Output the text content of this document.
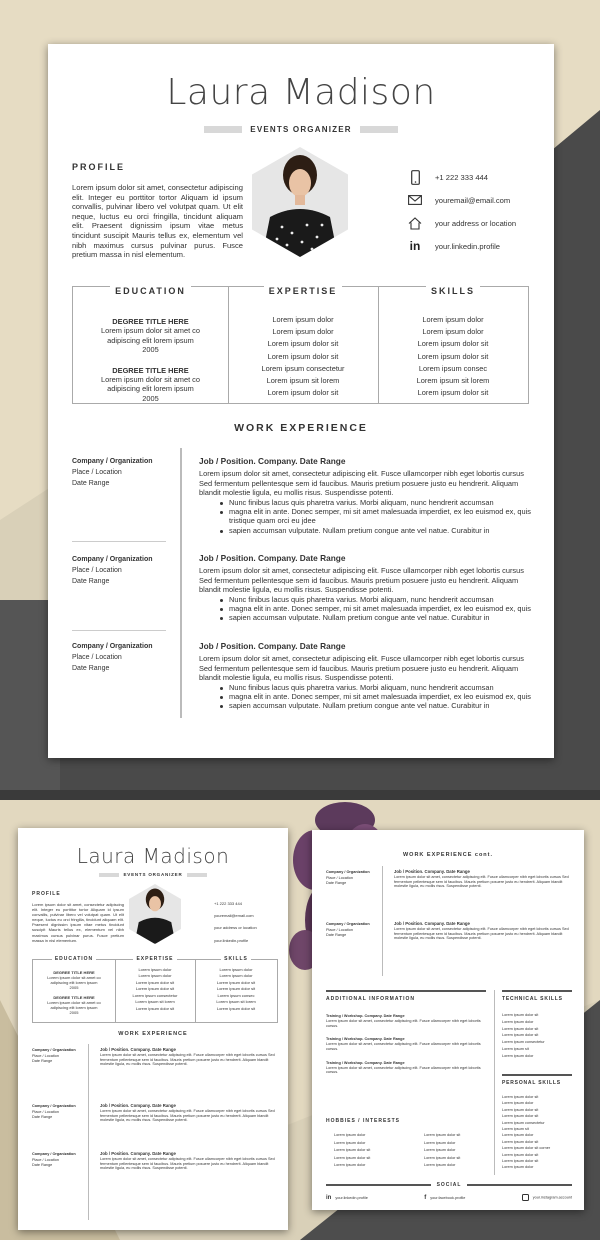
Laura Madison
EVENTS ORGANIZER
PROFILE
Lorem ipsum dolor sit amet, consectetur adipiscing elit. Integer eu porttitor tortor Aliquam id ipsum convallis, pulvinar libero vel volutpat quam. Ut elit neque, luctus eu orci fringilla, tincidunt aliquam elit. Praesent dignissim ipsum vitae metus tincidunt suscipit Mauris tellus ex, elementum vel nibh maximus cursus pulvinar purus. Fusce pretium massa in nisl elementum.
+1 222 333 444
youremail@email.com
your address or location
in your.linkedin.profile
EDUCATION
DEGREE TITLE HERE
Lorem ipsum dolor sit amet co
adipiscing elit lorem ipsum
2005
DEGREE TITLE HERE
Lorem ipsum dolor sit amet co
adipiscing elit lorem ipsum
2005
EXPERTISE
Lorem ipsum dolor
Lorem ipsum dolor
Lorem ipsum dolor sit
Lorem ipsum dolor sit
Lorem ipsum consectetur
Lorem ipsum sit lorem
Lorem ipsum dolor sit
SKILLS
Lorem ipsum dolor
Lorem ipsum dolor
Lorem ipsum dolor sit
Lorem ipsum dolor sit
Lorem ipsum consec
Lorem ipsum sit lorem
Lorem ipsum dolor sit
WORK EXPERIENCE
Company / Organization
Place / Location
Date Range
Job / Position. Company. Date Range
Lorem ipsum dolor sit amet, consectetur adipiscing elit. Fusce ullamcorper nibh eget lobortis cursus Sed fermentum pellentesque sem id faucibus. Mauris pretium posuere justo eu hendrerit. Aliquam blandit molestie ligula, eu mollis risus. Suspendisse potenti.
Nunc finibus lacus quis pharetra varius. Morbi aliquam, nunc hendrerit accumsan
magna elit in ante. Donec semper, mi sit amet malesuada imperdiet, ex leo euismod ex, quis tristique quam orci eu jdee
sapien accumsan vulputate. Nullam pretium congue ante vel natue. Curabitur in
Company / Organization
Place / Location
Date Range
Job / Position. Company. Date Range
Lorem ipsum dolor sit amet, consectetur adipiscing elit. Fusce ullamcorper nibh eget lobortis cursus Sed fermentum pellentesque sem id faucibus. Mauris pretium posuere justo eu hendrerit. Aliquam blandit molestie ligula, eu mollis risus. Suspendisse potenti.
Nunc finibus lacus quis pharetra varius. Morbi aliquam, nunc hendrerit accumsan
magna elit in ante. Donec semper, mi sit amet malesuada imperdiet, ex leo euismod ex, quis
sapien accumsan vulputate. Nullam pretium congue ante vel natue. Curabitur in
Company / Organization
Place / Location
Date Range
Job / Position. Company. Date Range
Lorem ipsum dolor sit amet, consectetur adipiscing elit. Fusce ullamcorper nibh eget lobortis cursus Sed fermentum pellentesque sem id faucibus. Mauris pretium posuere justo eu hendrerit. Aliquam blandit molestie ligula, eu mollis risus. Suspendisse potenti.
Nunc finibus lacus quis pharetra varius. Morbi aliquam, nunc hendrerit accumsan
magna elit in ante. Donec semper, mi sit amet malesuada imperdiet, ex leo euismod ex, quis
sapien accumsan vulputate. Nullam pretium congue ante vel natue. Curabitur in
Laura Madison
EVENTS ORGANIZER
PROFILE
Lorem ipsum dolor sit amet, consectetur adipiscing elit. Integer eu porttitor tortor Aliquam id ipsum convallis, pulvinar libero vel volutpat quam. Ut elit neque, luctus eu orci fringilla, tincidunt aliquam elit. Praesent dignissim ipsum vitae metus tincidunt suscipit Mauris tellus ex, elementum vel nibh maximus cursus pulvinar purus. Fusce pretium massa in nisl elementum.
+1 222 333 444
youremail@email.com
your address or location
your.linkedin.profile
EDUCATION
DEGREE TITLE HERE
Lorem ipsum dolor sit amet co
adipiscing elit lorem ipsum
2005
DEGREE TITLE HERE
Lorem ipsum dolor sit amet co
adipiscing elit lorem ipsum
2005
EXPERTISE
Lorem ipsum dolor
Lorem ipsum dolor
Lorem ipsum dolor sit
Lorem ipsum dolor sit
Lorem ipsum consectetur
Lorem ipsum sit lorem
Lorem ipsum dolor sit
SKILLS
Lorem ipsum dolor
Lorem ipsum dolor
Lorem ipsum dolor sit
Lorem ipsum dolor sit
Lorem ipsum consec
Lorem ipsum sit lorem
Lorem ipsum dolor sit
WORK EXPERIENCE
Company / Organization
Place / Location
Date Range
Job / Position. Company. Date Range
Lorem ipsum dolor sit amet, consectetur adipiscing elit. Fusce ullamcorper nibh eget lobortis cursus Sed fermentum pellentesque sem id faucibus. Mauris pretium posuere justo eu hendrerit. Aliquam blandit molestie ligula, eu mollis risus. Suspendisse potenti.
Company / Organization
Place / Location
Date Range
Job / Position. Company. Date Range
Lorem ipsum dolor sit amet, consectetur adipiscing elit. Fusce ullamcorper nibh eget lobortis cursus Sed fermentum pellentesque sem id faucibus. Mauris pretium posuere justo eu hendrerit. Aliquam blandit molestie ligula, eu mollis risus. Suspendisse potenti.
Company / Organization
Place / Location
Date Range
Job / Position. Company. Date Range
Lorem ipsum dolor sit amet, consectetur adipiscing elit. Fusce ullamcorper nibh eget lobortis cursus Sed fermentum pellentesque sem id faucibus. Mauris pretium posuere justo eu hendrerit. Aliquam blandit molestie ligula, eu mollis risus. Suspendisse potenti.
WORK EXPERIENCE cont.
Company / Organization
Place / Location
Date Range
Job / Position. Company. Date Range
Lorem ipsum dolor sit amet, consectetur adipiscing elit. Fusce ullamcorper nibh eget lobortis cursus Sed fermentum pellentesque sem id faucibus. Mauris pretium posuere justo eu hendrerit. Aliquam blandit molestie ligula, eu mollis risus. Suspendisse potenti.
Company / Organization
Place / Location
Date Range
Job / Position. Company. Date Range
Lorem ipsum dolor sit amet, consectetur adipiscing elit. Fusce ullamcorper nibh eget lobortis cursus Sed fermentum pellentesque sem id faucibus. Mauris pretium posuere justo eu hendrerit. Aliquam blandit molestie ligula, eu mollis risus. Suspendisse potenti.
ADDITIONAL INFORMATION
Training / Workshop. Company. Date Range
Lorem ipsum dolor sit amet, consectetur adipiscing elit. Fusce ullamcorper nibh eget lobortis cursus.
Training / Workshop. Company. Date Range
Lorem ipsum dolor sit amet, consectetur adipiscing elit. Fusce ullamcorper nibh eget lobortis cursus.
Training / Workshop. Company. Date Range
Lorem ipsum dolor sit amet, consectetur adipiscing elit. Fusce ullamcorper nibh eget lobortis cursus.
HOBBIES / INTERESTS
Lorem ipsum dolor
Lorem ipsum dolor
Lorem ipsum dolor sit
Lorem ipsum dolor sit
Lorem ipsum dolor
Lorem ipsum dolor sit
Lorem ipsum dolor
Lorem ipsum dolor
Lorem ipsum dolor sit
Lorem ipsum dolor
TECHNICAL SKILLS
Lorem ipsum dolor sit
Lorem ipsum dolor
Lorem ipsum dolor sit
Lorem ipsum dolor sit
Lorem ipsum consectetur
Lorem ipsum sit
Lorem ipsum dolor
PERSONAL SKILLS
Lorem ipsum dolor sit
Lorem ipsum dolor
Lorem ipsum dolor sit
Lorem ipsum dolor sit
Lorem ipsum consectetur
Lorem ipsum sit
Lorem ipsum dolor
Lorem ipsum dolor sit
Lorem ipsum dolor sit corner
Lorem ipsum dolor sit
Lorem ipsum dolor sit
Lorem ipsum dolor
SOCIAL
in your.linkedin.profile	f your.facebook.profile	your.instagram.account
